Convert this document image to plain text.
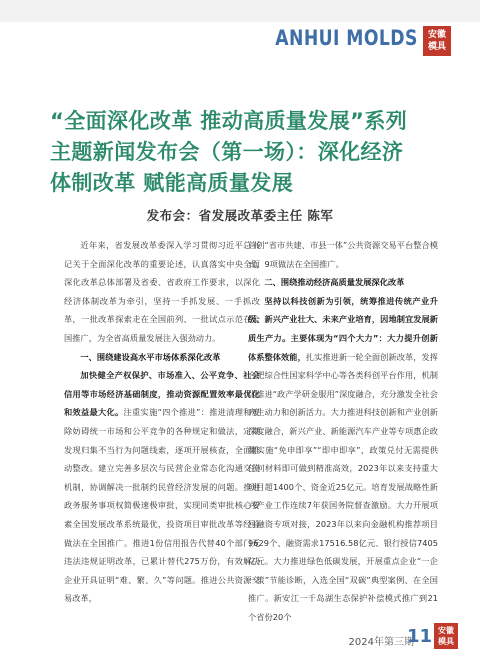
ANHUI MOLDS	安徽
模具
“全面深化改革 推动高质量发展”系列
主题新闻发布会（第一场）：深化经济
体制改革 赋能高质量发展
发布会：省发展改革委主任 陈军

近年来，省发展改革委深入学习贯彻习近平总书记关于全面深化改革的重要论述，认真落实中央全面深化改革总体部署及省委、省政府工作要求，以深化经济体制改革为牵引，坚持一手抓发展、一手抓改革，一批改革探索走在全国前列、一批试点示范在全国推广，为全省高质量发展注入强劲动力。

一、围绕建设高水平市场体系深化改革

加快健全产权保护、市场准入、公平竞争、社会信用等市场经济基础制度，推动资源配置效率最优化和效益最大化。注重实施“四个推进”：推进清理和废除妨碍统一市场和公平竞争的各种规定和做法，定期发现归集不当行为问题线索，逐项开展核查，全面推动整改。建立完善多层次与民营企业常态化沟通交流机制，协调解决一批制约民营经济发展的问题。推进政务服务事项权简极速极审批，实现同类审批核心要素全国发展改革系统最优，投资项目审批改革等经验做法在全国推广。推进1份信用报告代替40个部门无违法违规证明改革，已累计替代275万份，有效解决企业开具证明“难、繁、久”等问题。推进公共资源交易改革，

首创“省市共建、市县一体”公共资源交易平台整合模式，9项做法在全国推广。

二、围绕推动经济高质量发展深化改革

坚持以科技创新为引领，统筹推进传统产业升级、新兴产业壮大、未来产业培育，因地制宜发展新质生产力。主要体现为“四个大力”：大力提升创新体系整体效能，扎实推进新一轮全面创新改革，发挥合肥综合性国家科学中心等各类科创平台作用，机制化推进“政产学研金服用”深度融合，充分激发全社会内生动力和创新活力。大力推进科技创新和产业创新深度融合，新兴产业、新能源汽车产业等专项惠企政策实施“免申即享”“即申即享”，政策兑付无需提供任何材料即可做到精准高效，2023年以来支持重大项目超1400个、资金近25亿元。培育发展战略性新兴产业工作连续7年获国务院督查激励。大力开展项目融资专项对接，2023年以来向金融机构推荐项目9629个、融资需求17516.58亿元、银行授信7405亿元。大力推进绿色低碳发展，开展重点企业“一企一策”节能诊断，入选全国“双碳”典型案例、在全国推广。新安江一千岛湖生态保护补偿模式推广到21个省份20个

2024年第三期
11 安徽
模具
